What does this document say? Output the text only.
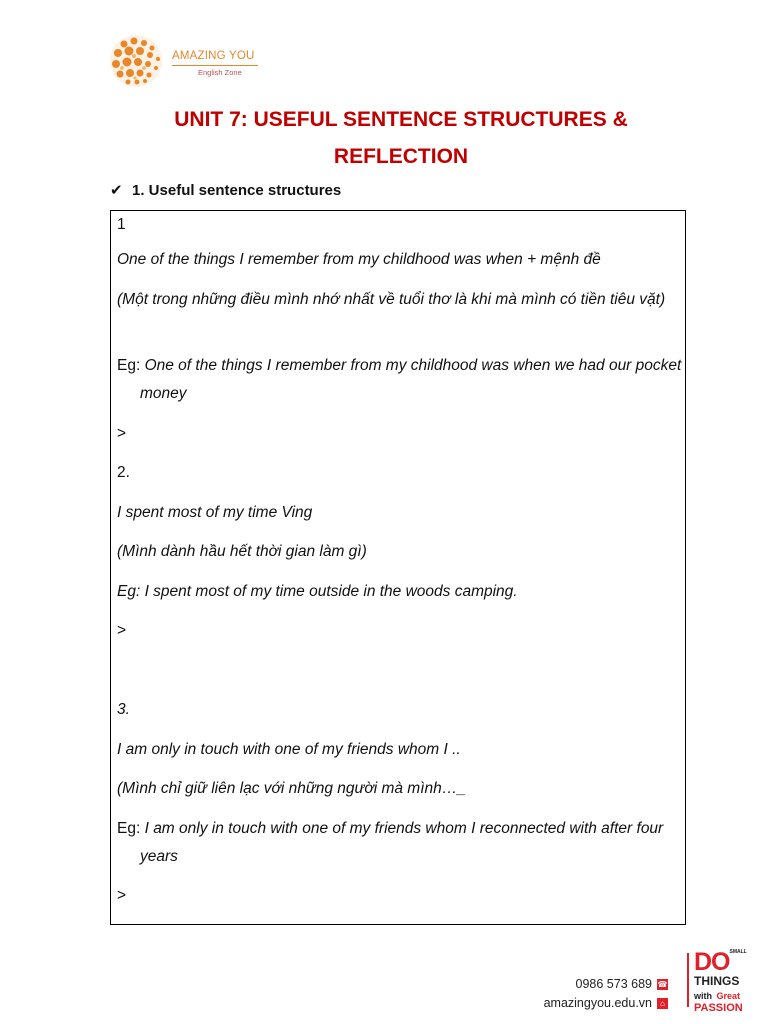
AMAZING YOU
English Zone
UNIT 7: USEFUL SENTENCE STRUCTURES & REFLECTION
✔ 1. Useful sentence structures

1

One of the things I remember from my childhood was when + mệnh đề

(Một trong những điều mình nhớ nhất về tuổi thơ là khi mà mình có tiền tiêu vặt)

Eg: One of the things I remember from my childhood was when we had our pocket money

>

2.

I spent most of my time Ving

(Mình dành hầu hết thời gian làm gì)

Eg: I spent most of my time outside in the woods camping.

>

3.

I am only in touch with one of my friends whom I ..

(Mình chỉ giữ liên lạc với những người mà mình…_

Eg: I am only in touch with one of my friends whom I reconnected with after four years

>

0986 573 689 ☎
amazingyou.edu.vn ⌂
$DO^{SMALL}$
THINGS
with Great
PASSION
